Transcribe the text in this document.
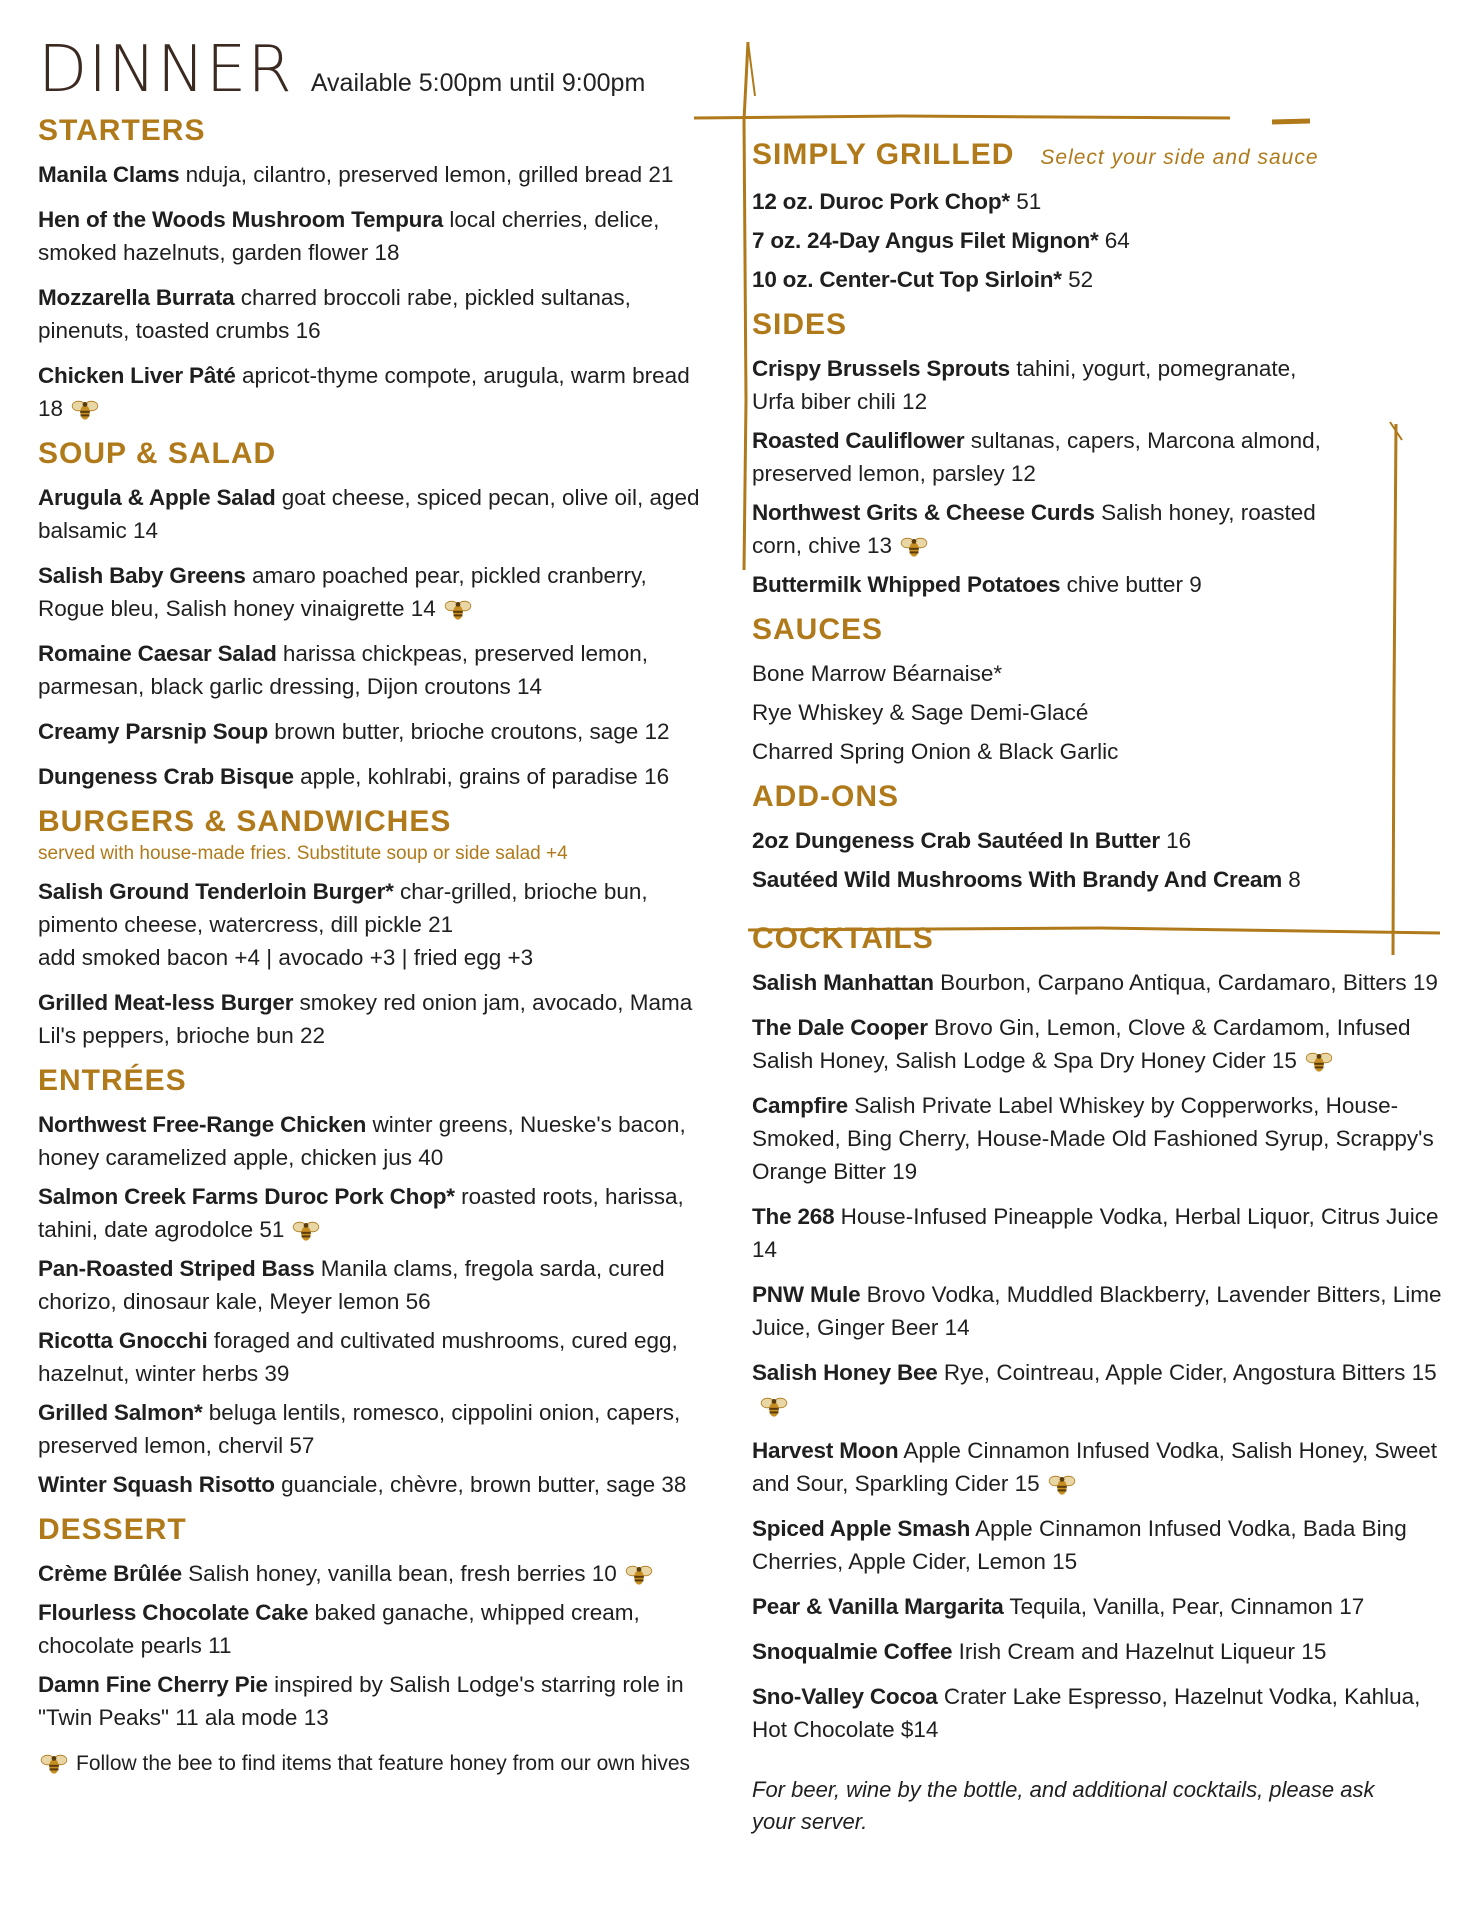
DINNER Available 5:00pm until 9:00pm
STARTERS
Manila Clams nduja, cilantro, preserved lemon, grilled bread 21
Hen of the Woods Mushroom Tempura local cherries, delice, smoked hazelnuts, garden flower 18
Mozzarella Burrata charred broccoli rabe, pickled sultanas, pinenuts, toasted crumbs 16
Chicken Liver Pâté apricot-thyme compote, arugula, warm bread 18
SOUP & SALAD
Arugula & Apple Salad goat cheese, spiced pecan, olive oil, aged balsamic 14
Salish Baby Greens amaro poached pear, pickled cranberry, Rogue bleu, Salish honey vinaigrette 14
Romaine Caesar Salad harissa chickpeas, preserved lemon, parmesan, black garlic dressing, Dijon croutons 14
Creamy Parsnip Soup brown butter, brioche croutons, sage 12
Dungeness Crab Bisque apple, kohlrabi, grains of paradise 16
BURGERS & SANDWICHES
served with house-made fries. Substitute soup or side salad +4
Salish Ground Tenderloin Burger* char-grilled, brioche bun, pimento cheese, watercress, dill pickle 21
add smoked bacon +4 | avocado +3 | fried egg +3
Grilled Meat-less Burger smokey red onion jam, avocado, Mama Lil's peppers, brioche bun 22
ENTRÉES
Northwest Free-Range Chicken winter greens, Nueske's bacon, honey caramelized apple, chicken jus 40
Salmon Creek Farms Duroc Pork Chop* roasted roots, harissa, tahini, date agrodolce 51
Pan-Roasted Striped Bass Manila clams, fregola sarda, cured chorizo, dinosaur kale, Meyer lemon 56
Ricotta Gnocchi foraged and cultivated mushrooms, cured egg, hazelnut, winter herbs 39
Grilled Salmon* beluga lentils, romesco, cippolini onion, capers, preserved lemon, chervil 57
Winter Squash Risotto guanciale, chèvre, brown butter, sage 38
DESSERT
Crème Brûlée Salish honey, vanilla bean, fresh berries 10
Flourless Chocolate Cake baked ganache, whipped cream, chocolate pearls 11
Damn Fine Cherry Pie inspired by Salish Lodge's starring role in "Twin Peaks" 11 ala mode 13
Follow the bee to find items that feature honey from our own hives
SIMPLY GRILLED Select your side and sauce
12 oz. Duroc Pork Chop* 51
7 oz. 24-Day Angus Filet Mignon* 64
10 oz. Center-Cut Top Sirloin* 52
SIDES
Crispy Brussels Sprouts tahini, yogurt, pomegranate, Urfa biber chili 12
Roasted Cauliflower sultanas, capers, Marcona almond, preserved lemon, parsley 12
Northwest Grits & Cheese Curds Salish honey, roasted corn, chive 13
Buttermilk Whipped Potatoes chive butter 9
SAUCES
Bone Marrow Béarnaise*
Rye Whiskey & Sage Demi-Glacé
Charred Spring Onion & Black Garlic
ADD-ONS
2oz Dungeness Crab Sautéed In Butter 16
Sautéed Wild Mushrooms With Brandy And Cream 8
COCKTAILS
Salish Manhattan Bourbon, Carpano Antiqua, Cardamaro, Bitters 19
The Dale Cooper Brovo Gin, Lemon, Clove & Cardamom, Infused Salish Honey, Salish Lodge & Spa Dry Honey Cider 15
Campfire Salish Private Label Whiskey by Copperworks, House-Smoked, Bing Cherry, House-Made Old Fashioned Syrup, Scrappy's Orange Bitter 19
The 268 House-Infused Pineapple Vodka, Herbal Liquor, Citrus Juice 14
PNW Mule Brovo Vodka, Muddled Blackberry, Lavender Bitters, Lime Juice, Ginger Beer 14
Salish Honey Bee Rye, Cointreau, Apple Cider, Angostura Bitters 15
Harvest Moon Apple Cinnamon Infused Vodka, Salish Honey, Sweet and Sour, Sparkling Cider 15
Spiced Apple Smash Apple Cinnamon Infused Vodka, Bada Bing Cherries, Apple Cider, Lemon 15
Pear & Vanilla Margarita Tequila, Vanilla, Pear, Cinnamon 17
Snoqualmie Coffee Irish Cream and Hazelnut Liqueur 15
Sno-Valley Cocoa Crater Lake Espresso, Hazelnut Vodka, Kahlua, Hot Chocolate $14
For beer, wine by the bottle, and additional cocktails, please ask your server.
